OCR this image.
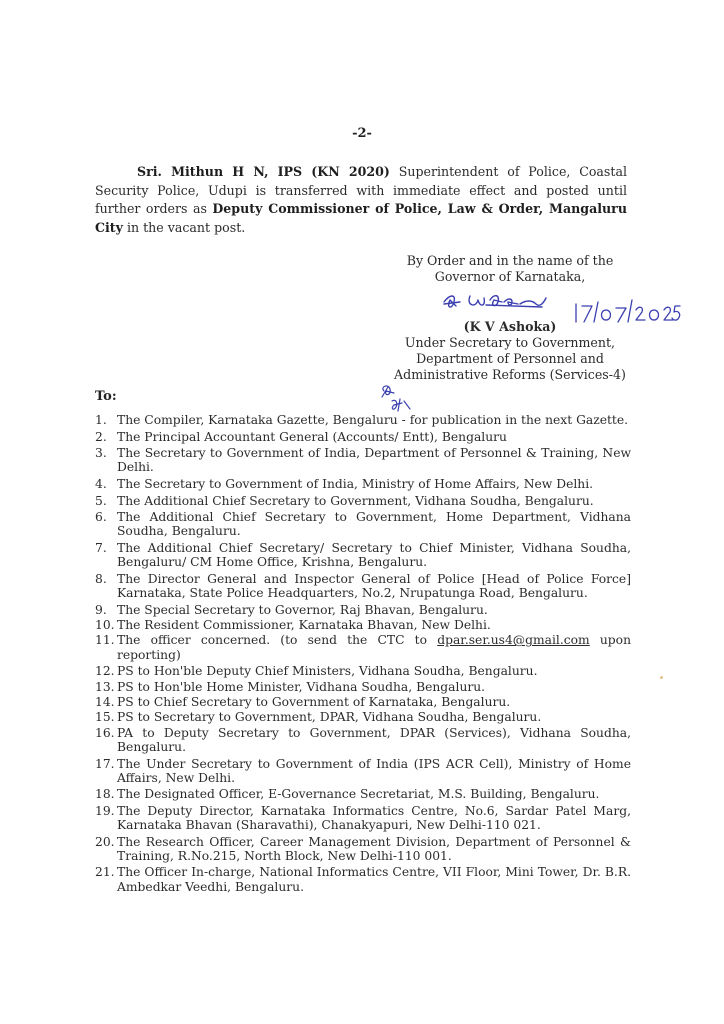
-2-
Sri. Mithun H N, IPS (KN 2020) Superintendent of Police, Coastal Security Police, Udupi is transferred with immediate effect and posted until further orders as Deputy Commissioner of Police, Law & Order, Mangaluru City in the vacant post.
By Order and in the name of the
Governor of Karnataka,
(K V Ashoka)
Under Secretary to Government,
Department of Personnel and
Administrative Reforms (Services-4)
To:
1. The Compiler, Karnataka Gazette, Bengaluru - for publication in the next Gazette.
2. The Principal Accountant General (Accounts/ Entt), Bengaluru
3. The Secretary to Government of India, Department of Personnel & Training, New Delhi.
4. The Secretary to Government of India, Ministry of Home Affairs, New Delhi.
5. The Additional Chief Secretary to Government, Vidhana Soudha, Bengaluru.
6. The Additional Chief Secretary to Government, Home Department, Vidhana Soudha, Bengaluru.
7. The Additional Chief Secretary/ Secretary to Chief Minister, Vidhana Soudha, Bengaluru/ CM Home Office, Krishna, Bengaluru.
8. The Director General and Inspector General of Police [Head of Police Force] Karnataka, State Police Headquarters, No.2, Nrupatunga Road, Bengaluru.
9. The Special Secretary to Governor, Raj Bhavan, Bengaluru.
10. The Resident Commissioner, Karnataka Bhavan, New Delhi.
11. The officer concerned. (to send the CTC to dpar.ser.us4@gmail.com upon reporting)
12. PS to Hon'ble Deputy Chief Ministers, Vidhana Soudha, Bengaluru.
13. PS to Hon'ble Home Minister, Vidhana Soudha, Bengaluru.
14. PS to Chief Secretary to Government of Karnataka, Bengaluru.
15. PS to Secretary to Government, DPAR, Vidhana Soudha, Bengaluru.
16. PA to Deputy Secretary to Government, DPAR (Services), Vidhana Soudha, Bengaluru.
17. The Under Secretary to Government of India (IPS ACR Cell), Ministry of Home Affairs, New Delhi.
18. The Designated Officer, E-Governance Secretariat, M.S. Building, Bengaluru.
19. The Deputy Director, Karnataka Informatics Centre, No.6, Sardar Patel Marg, Karnataka Bhavan (Sharavathi), Chanakyapuri, New Delhi-110 021.
20. The Research Officer, Career Management Division, Department of Personnel & Training, R.No.215, North Block, New Delhi-110 001.
21. The Officer In-charge, National Informatics Centre, VII Floor, Mini Tower, Dr. B.R. Ambedkar Veedhi, Bengaluru.
